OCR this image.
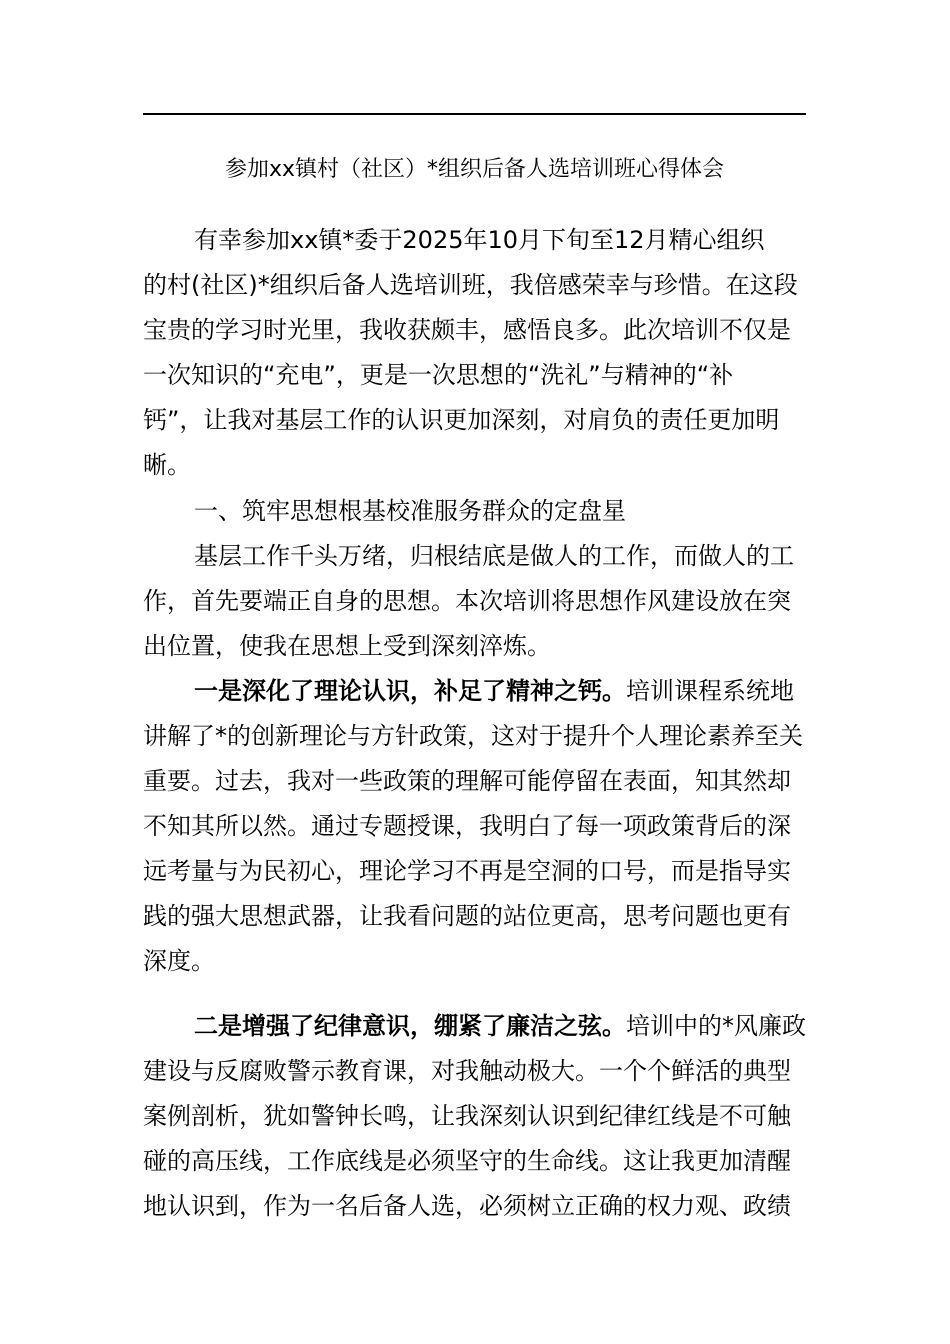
参加xx镇村（社区）*组织后备人选培训班心得体会
有幸参加xx镇*委于2025年10月下旬至12月精心组织
的村(社区)*组织后备人选培训班，我倍感荣幸与珍惜。在这段
宝贵的学习时光里，我收获颇丰，感悟良多。此次培训不仅是
一次知识的“充电”，更是一次思想的“洗礼”与精神的“补
钙”，让我对基层工作的认识更加深刻，对肩负的责任更加明
晰。
一、筑牢思想根基校准服务群众的定盘星
基层工作千头万绪，归根结底是做人的工作，而做人的工
作，首先要端正自身的思想。本次培训将思想作风建设放在突
出位置，使我在思想上受到深刻淬炼。
一是深化了理论认识，补足了精神之钙。培训课程系统地
讲解了*的创新理论与方针政策，这对于提升个人理论素养至关
重要。过去，我对一些政策的理解可能停留在表面，知其然却
不知其所以然。通过专题授课，我明白了每一项政策背后的深
远考量与为民初心，理论学习不再是空洞的口号，而是指导实
践的强大思想武器，让我看问题的站位更高，思考问题也更有
深度。
二是增强了纪律意识，绷紧了廉洁之弦。培训中的*风廉政
建设与反腐败警示教育课，对我触动极大。一个个鲜活的典型
案例剖析，犹如警钟长鸣，让我深刻认识到纪律红线是不可触
碰的高压线，工作底线是必须坚守的生命线。这让我更加清醒
地认识到，作为一名后备人选，必须树立正确的权力观、政绩
